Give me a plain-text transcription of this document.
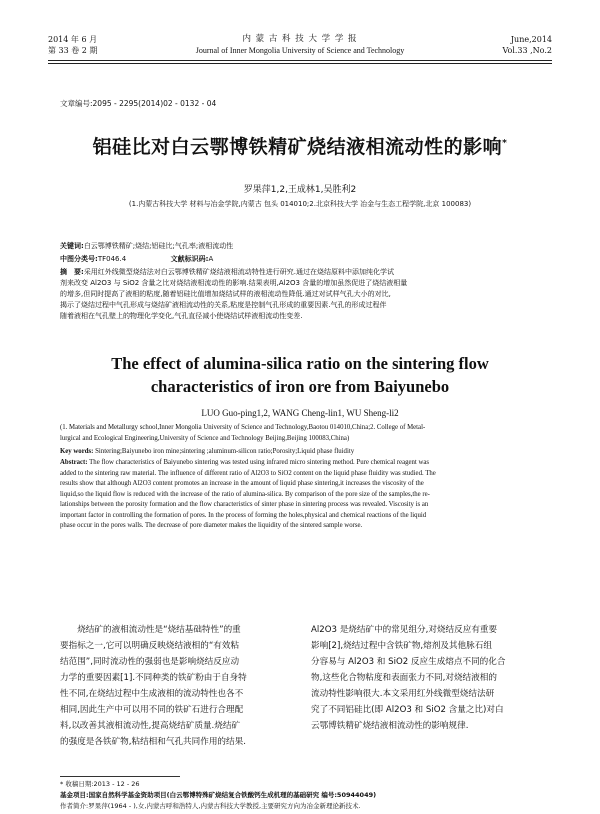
2014 年 6 月
第 33 卷 2 期
内 蒙 古 科 技 大 学 学 报
Journal of Inner Mongolia University of Science and Technology
June,2014
Vol.33 ,No.2
文章编号:2095 - 2295(2014)02 - 0132 - 04
铝硅比对白云鄂博铁精矿烧结液相流动性的影响*
罗果萍1,2,王成林1,吴胜利2
(1.内蒙古科技大学 材料与冶金学院,内蒙古 包头 014010;2.北京科技大学 冶金与生态工程学院,北京 100083)
关键词:白云鄂博铁精矿;烧结;铝硅比;气孔率;液相流动性
中图分类号:TF046.4	文献标识码:A
摘　要:采用红外线微型烧结法对白云鄂博铁精矿烧结液相流动特性进行研究.通过在烧结原料中添加纯化学试
剂来改变 Al2O3 与 SiO2 含量之比对烧结液相流动性的影响.结果表明,Al2O3 含量的增加虽然促进了烧结液相量
的增多,但同时提高了液相的粘度,随着铝硅比值增加烧结试样的液相流动性降低.通过对试样气孔大小的对比,
揭示了烧结过程中气孔形成与烧结矿液相流动性的关系,粘度是控制气孔形成的重要因素.气孔的形成过程伴
随着液相在气孔壁上的物理化学变化,气孔直径减小使烧结试样液相流动性变差.
The effect of alumina-silica ratio on the sintering flow
characteristics of iron ore from Baiyunebo
LUO Guo-ping1,2, WANG Cheng-lin1, WU Sheng-li2
(1. Materials and Metallurgy school,Inner Mongolia University of Science and Technology,Baotou 014010,China;2. College of Metal-
lurgical and Ecological Engineering,University of Science and Technology Beijing,Beijing 100083,China)
Key words: Sintering;Baiyunebo iron mine;sintering ;aluminum-silicon ratio;Porosity;Liquid phase fluidity
Abstract: The flow characteristics of Baiyunebo sintering was tested using infrared micro sintering method. Pure chemical reagent was
added to the sintering raw material. The influence of different ratio of Al2O3 to SiO2 content on the liquid phase fluidity was studied. The
results show that although Al2O3 content promotes an increase in the amount of liquid phase sintering,it increases the viscosity of the
liquid,so the liquid flow is reduced with the increase of the ratio of alumina-silica. By comparison of the pore size of the samples,the re-
lationships between the porosity formation and the flow characteristics of sinter phase in sintering process was revealed. Viscosity is an
important factor in controlling the formation of pores. In the process of forming the holes,physical and chemical reactions of the liquid
phase occur in the pores walls. The decrease of pore diameter makes the liquidity of the sintered sample worse.
　　烧结矿的液相流动性是“烧结基础特性”的重
要指标之一,它可以明确反映烧结液相的“有效粘
结范围”,同时流动性的强弱也是影响烧结反应动
力学的重要因素[1].不同种类的铁矿粉由于自身特
性不同,在烧结过程中生成液相的流动特性也各不
相同,因此生产中可以用不同的铁矿石进行合理配
料,以改善其液相流动性,提高烧结矿质量.烧结矿
的强度是各铁矿物,粘结相和气孔共同作用的结果.
Al2O3 是烧结矿中的常见组分,对烧结反应有重要
影响[2],烧结过程中含铁矿物,熔剂及其他脉石组
分容易与 Al2O3 和 SiO2 反应生成熔点不同的化合
物,这些化合物粘度和表面张力不同,对烧结液相的
流动特性影响很大.本文采用红外线微型烧结法研
究了不同铝硅比(即 Al2O3 和 SiO2 含量之比)对白
云鄂博铁精矿烧结液相流动性的影响规律.
* 收稿日期:2013 - 12 - 26
基金项目:国家自然科学基金资助项目(白云鄂博特殊矿烧结复合铁酸钙生成机理的基础研究 编号:50944049)
作者简介:罗果萍(1964 - ),女,内蒙古呼和浩特人,内蒙古科技大学教授,主要研究方向为冶金新理论新技术.
